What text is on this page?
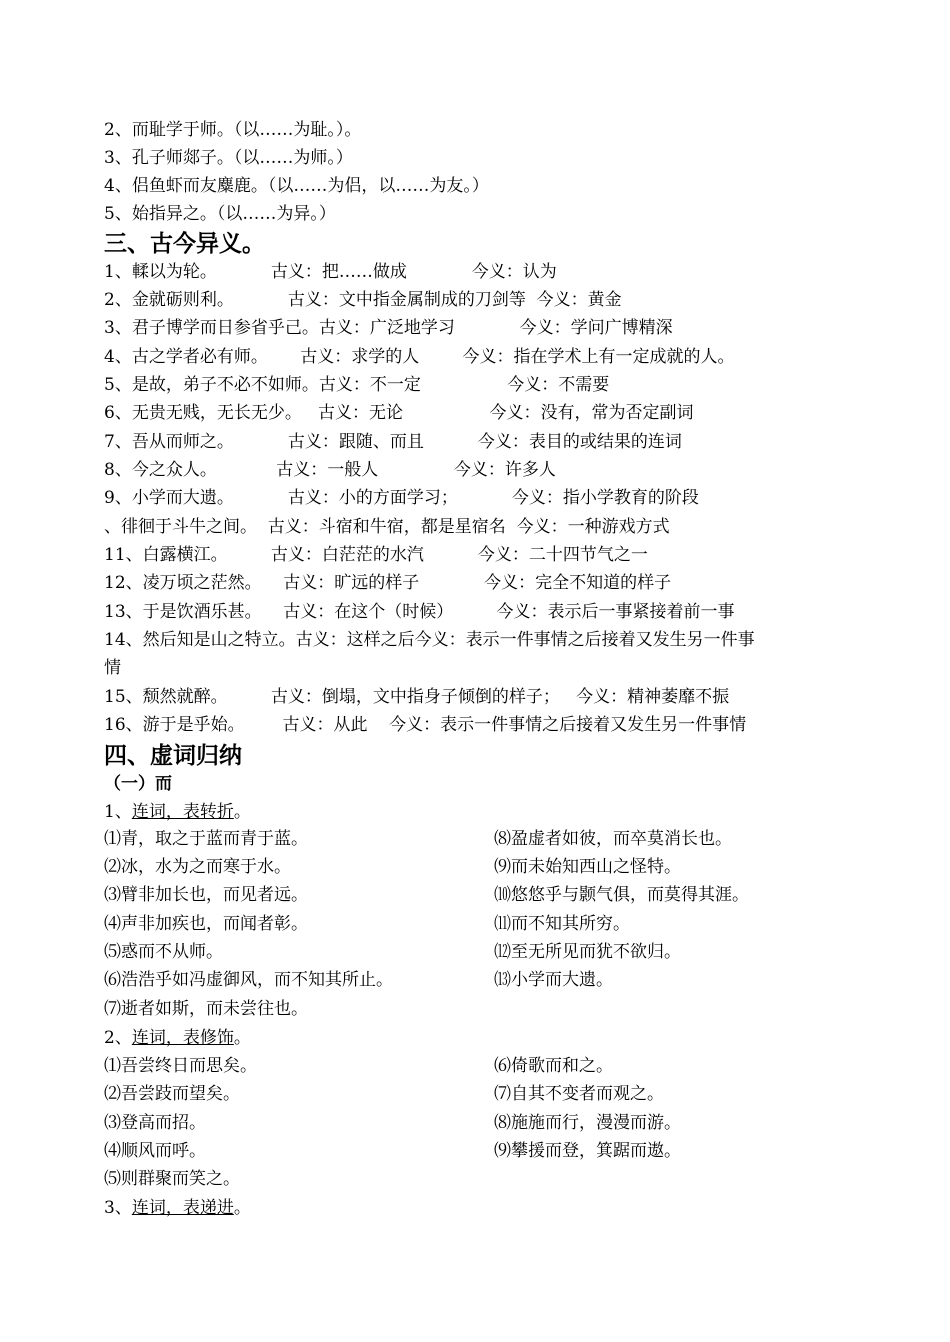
2、而耻学于师。（以……为耻。）。
3、孔子师郯子。（以……为师。）
4、侣鱼虾而友麋鹿。（以……为侣，以……为友。）
5、始指异之。（以……为异。）
三、古今异义。
1、輮以为轮。          古义：把……做成            今义：认为
2、金就砺则利。          古义：文中指金属制成的刀剑等  今义：黄金
3、君子博学而日参省乎己。古义：广泛地学习            今义：学问广博精深
4、古之学者必有师。      古义：求学的人        今义：指在学术上有一定成就的人。
5、是故，弟子不必不如师。古义：不一定                今义：不需要
6、无贵无贱，无长无少。   古义：无论                今义：没有，常为否定副词
7、吾从而师之。          古义：跟随、而且          今义：表目的或结果的连词
8、今之众人。           古义：一般人              今义：许多人
9、小学而大遗。          古义：小的方面学习；          今义：指小学教育的阶段
、徘徊于斗牛之间。  古义：斗宿和牛宿，都是星宿名  今义：一种游戏方式
11、白露横江。        古义：白茫茫的水汽          今义：二十四节气之一
12、凌万顷之茫然。    古义：旷远的样子            今义：完全不知道的样子
13、于是饮酒乐甚。    古义：在这个（时候）        今义：表示后一事紧接着前一事
14、然后知是山之特立。古义：这样之后今义：表示一件事情之后接着又发生另一件事
情
15、颓然就醉。        古义：倒塌，文中指身子倾倒的样子；   今义：精神萎靡不振
16、游于是乎始。       古义：从此    今义：表示一件事情之后接着又发生另一件事情
四、虚词归纳
（一）而
1、连词，表转折。
⑴青，取之于蓝而青于蓝。
⑵冰，水为之而寒于水。
⑶臂非加长也，而见者远。
⑷声非加疾也，而闻者彰。
⑸惑而不从师。
⑹浩浩乎如冯虚御风，而不知其所止。
⑺逝者如斯，而未尝往也。
⑻盈虚者如彼，而卒莫消长也。
⑼而未始知西山之怪特。
⑽悠悠乎与颢气俱，而莫得其涯。
⑾而不知其所穷。
⑿至无所见而犹不欲归。
⒀小学而大遗。
2、连词，表修饰。
⑴吾尝终日而思矣。
⑵吾尝跂而望矣。
⑶登高而招。
⑷顺风而呼。
⑸则群聚而笑之。
⑹倚歌而和之。
⑺自其不变者而观之。
⑻施施而行，漫漫而游。
⑼攀援而登，箕踞而遨。
3、连词，表递进。
